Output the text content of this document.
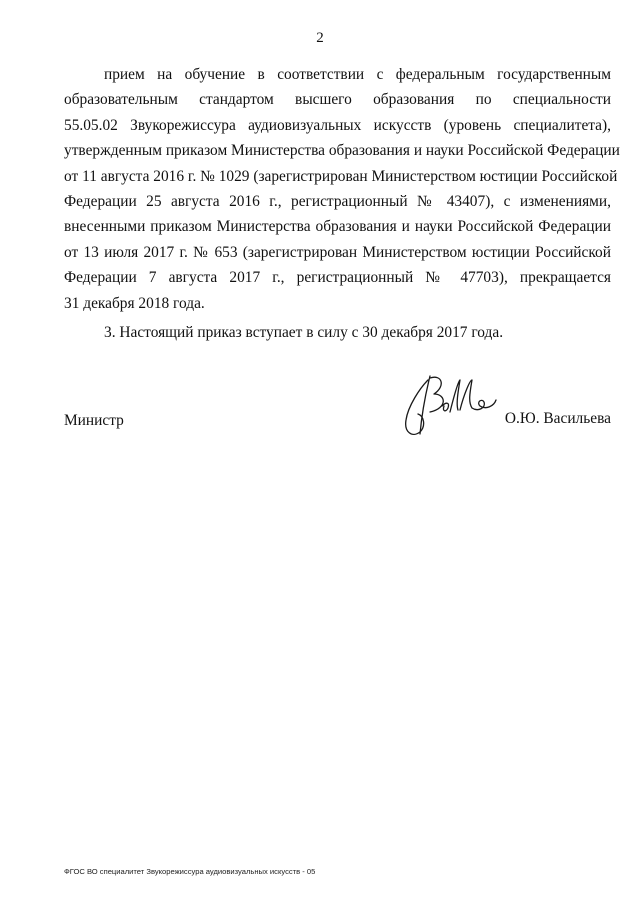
2
прием на обучение в соответствии с федеральным государственным
образовательным стандартом высшего образования по специальности
55.05.02 Звукорежиссура аудиовизуальных искусств (уровень специалитета),
утвержденным приказом Министерства образования и науки Российской Федерации
от 11 августа 2016 г. № 1029 (зарегистрирован Министерством юстиции Российской
Федерации 25 августа 2016 г., регистрационный № 43407), с изменениями,
внесенными приказом Министерства образования и науки Российской Федерации
от 13 июля 2017 г. № 653 (зарегистрирован Министерством юстиции Российской
Федерации 7 августа 2017 г., регистрационный № 47703), прекращается
31 декабря 2018 года.
3. Настоящий приказ вступает в силу с 30 декабря 2017 года.
Министр	О.Ю. Васильева
ФГОС ВО специалитет Звукорежиссура аудиовизуальных искусств - 05
